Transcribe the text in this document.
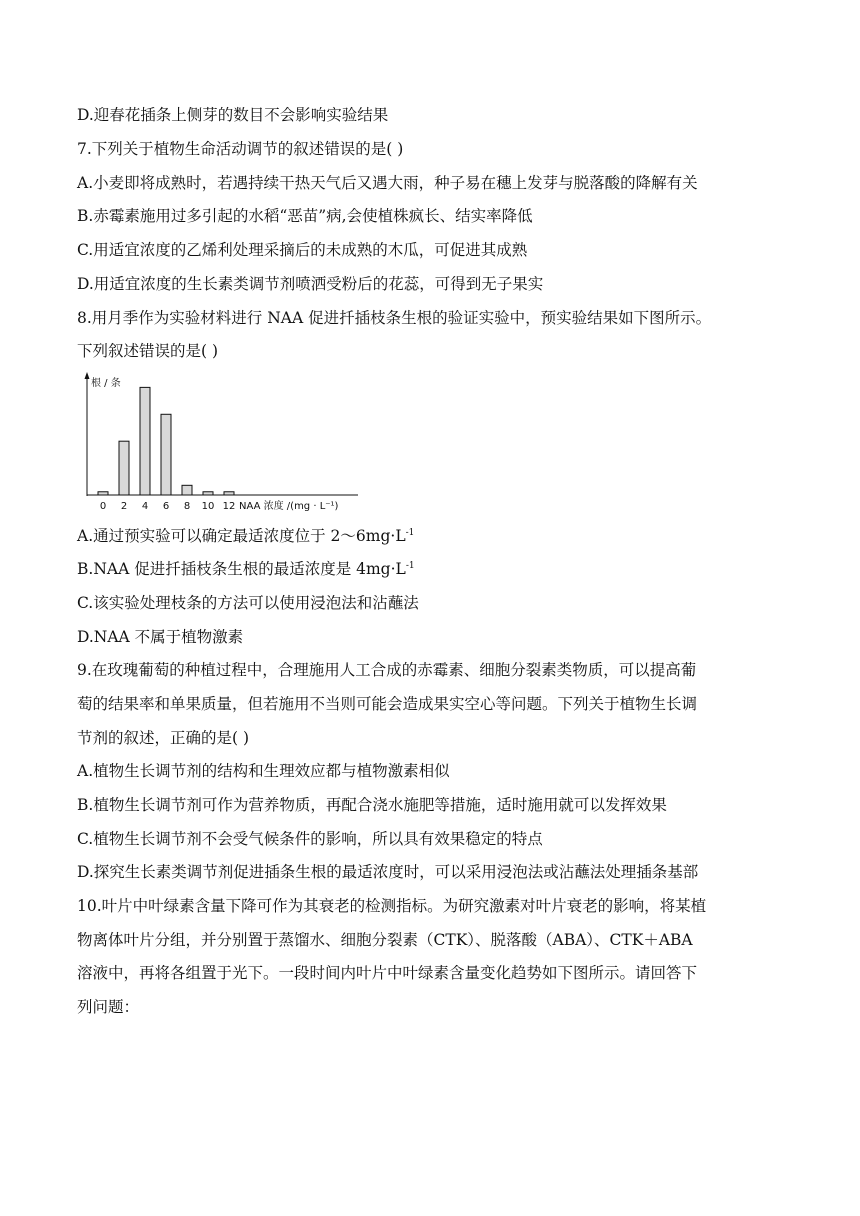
D.迎春花插条上侧芽的数目不会影响实验结果
7.下列关于植物生命活动调节的叙述错误的是( )
A.小麦即将成熟时，若遇持续干热天气后又遇大雨，种子易在穗上发芽与脱落酸的降解有关
B.赤霉素施用过多引起的水稻“恶苗”病,会使植株疯长、结实率降低
C.用适宜浓度的乙烯利处理采摘后的未成熟的木瓜，可促进其成熟
D.用适宜浓度的生长素类调节剂喷洒受粉后的花蕊，可得到无子果实
8.用月季作为实验材料进行 NAA 促进扦插枝条生根的验证实验中，预实验结果如下图所示。
下列叙述错误的是( )
根 / 条
NAA 浓度 /(mg · L⁻¹)
0 2 4 6 8 10 12
A.通过预实验可以确定最适浓度位于 $2\sim 6mg\cdot L^{-1}$
B.NAA 促进扦插枝条生根的最适浓度是 $4mg\cdot L^{-1}$
C.该实验处理枝条的方法可以使用浸泡法和沾蘸法
D.NAA 不属于植物激素
9.在玫瑰葡萄的种植过程中，合理施用人工合成的赤霉素、细胞分裂素类物质，可以提高葡
萄的结果率和单果质量，但若施用不当则可能会造成果实空心等问题。下列关于植物生长调
节剂的叙述，正确的是( )
A.植物生长调节剂的结构和生理效应都与植物激素相似
B.植物生长调节剂可作为营养物质，再配合浇水施肥等措施，适时施用就可以发挥效果
C.植物生长调节剂不会受气候条件的影响，所以具有效果稳定的特点
D.探究生长素类调节剂促进插条生根的最适浓度时，可以采用浸泡法或沾蘸法处理插条基部
10.叶片中叶绿素含量下降可作为其衰老的检测指标。为研究激素对叶片衰老的影响，将某植
物离体叶片分组，并分别置于蒸馏水、细胞分裂素（CTK）、脱落酸（ABA）、CTK＋ABA
溶液中，再将各组置于光下。一段时间内叶片中叶绿素含量变化趋势如下图所示。请回答下
列问题：
